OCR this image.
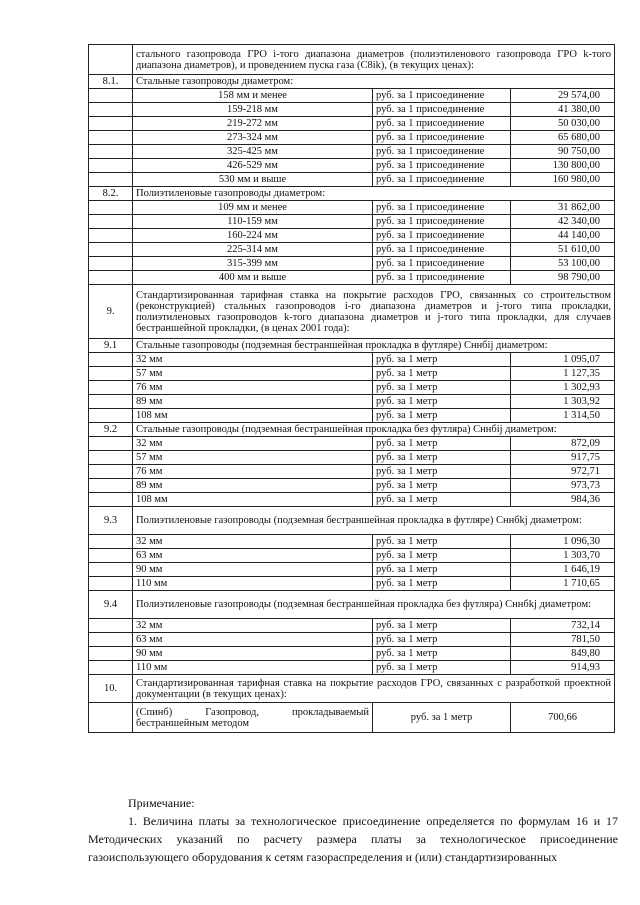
	стального газопровода ГРО i-того диапазона диаметров (полиэтиленового газопровода ГРО k-того диапазона диаметров), и проведением пуска газа (С8ik), (в текущих ценах):		
8.1.	Стальные газопроводы диаметром:		
	158 мм и менее	руб. за 1 присоединение	29 574,00
	159-218 мм	руб. за 1 присоединение	41 380,00
	219-272 мм	руб. за 1 присоединение	50 030,00
	273-324 мм	руб. за 1 присоединение	65 680,00
	325-425 мм	руб. за 1 присоединение	90 750,00
	426-529 мм	руб. за 1 присоединение	130 800,00
	530 мм и выше	руб. за 1 присоединение	160 980,00
8.2.	Полиэтиленовые газопроводы диаметром:		
	109 мм и менее	руб. за 1 присоединение	31 862,00
	110-159 мм	руб. за 1 присоединение	42 340,00
	160-224 мм	руб. за 1 присоединение	44 140,00
	225-314 мм	руб. за 1 присоединение	51 610,00
	315-399 мм	руб. за 1 присоединение	53 100,00
	400 мм и выше	руб. за 1 присоединение	98 790,00
9.	Стандартизированная тарифная ставка на покрытие расходов ГРО, связанных со строительством (реконструкцией) стальных газопроводов i-го диапазона диаметров и j-того типа прокладки, полиэтиленовых газопроводов k-того диапазона диаметров и j-того типа прокладки, для случаев бестраншейной прокладки, (в ценах 2001 года):		
9.1	Стальные газопроводы (подземная бестраншейная прокладка в футляре) Cннбij диаметром:		
	32 мм	руб. за 1 метр	1 095,07
	57 мм	руб. за 1 метр	1 127,35
	76 мм	руб. за 1 метр	1 302,93
	89 мм	руб. за 1 метр	1 303,92
	108 мм	руб. за 1 метр	1 314,50
9.2	Стальные газопроводы (подземная бестраншейная прокладка без футляра) Cннбij диаметром:		
	32 мм	руб. за 1 метр	872,09
	57 мм	руб. за 1 метр	917,75
	76 мм	руб. за 1 метр	972,71
	89 мм	руб. за 1 метр	973,73
	108 мм	руб. за 1 метр	984,36
9.3	Полиэтиленовые газопроводы (подземная бестраншейная прокладка в футляре) Cннбkj диаметром:		
	32 мм	руб. за 1 метр	1 096,30
	63 мм	руб. за 1 метр	1 303,70
	90 мм	руб. за 1 метр	1 646,19
	110 мм	руб. за 1 метр	1 710,65
9.4	Полиэтиленовые газопроводы (подземная бестраншейная прокладка без футляра) Cннбkj диаметром:		
	32 мм	руб. за 1 метр	732,14
	63 мм	руб. за 1 метр	781,50
	90 мм	руб. за 1 метр	849,80
	110 мм	руб. за 1 метр	914,93
10.	Стандартизированная тарифная ставка на покрытие расходов ГРО, связанных с разработкой проектной документации (в текущих ценах):		
	(Cпинб) Газопровод, прокладываемый бестраншейным методом	руб. за 1 метр	700,66
Примечание:
1. Величина платы за технологическое присоединение определяется по формулам 16 и 17 Методических указаний по расчету размера платы за технологическое присоединение газоиспользующего оборудования к сетям газораспределения и (или) стандартизированных
